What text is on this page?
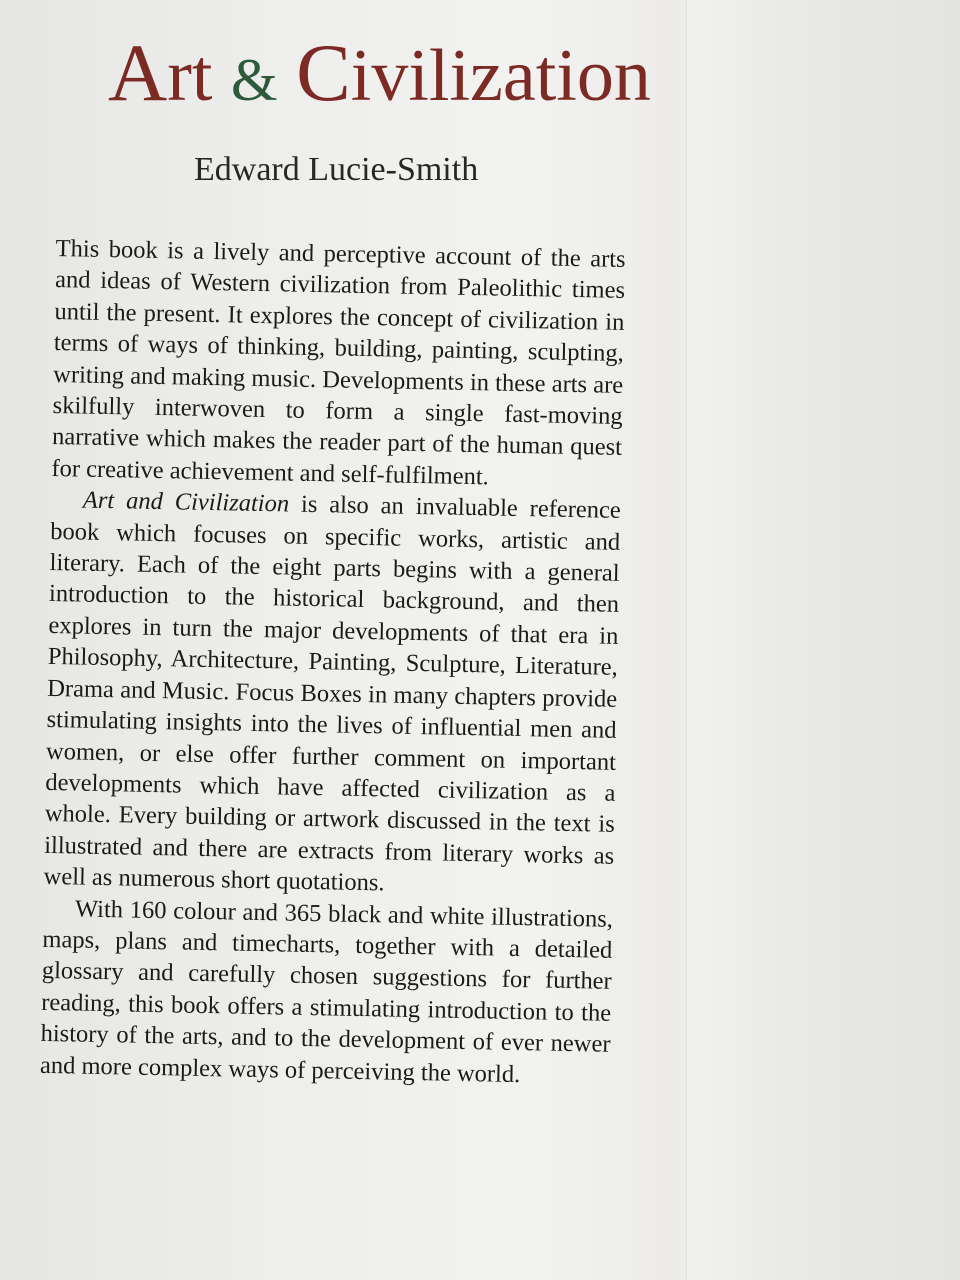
Art & Civilization
Edward Lucie-Smith

This book is a lively and perceptive account of the arts and ideas of Western civilization from Paleolithic times until the present. It explores the concept of civilization in terms of ways of thinking, building, painting, sculpting, writing and making music. Developments in these arts are skilfully interwoven to form a single fast-moving narrative which makes the reader part of the human quest for creative achievement and self-fulfilment.

Art and Civilization is also an invaluable reference book which focuses on specific works, artistic and literary. Each of the eight parts begins with a general introduction to the historical background, and then explores in turn the major developments of that era in Philosophy, Architecture, Painting, Sculpture, Literature, Drama and Music. Focus Boxes in many chapters provide stimulating insights into the lives of influential men and women, or else offer further comment on important developments which have affected civilization as a whole. Every building or artwork discussed in the text is illustrated and there are extracts from literary works as well as numerous short quotations.

With 160 colour and 365 black and white illustrations, maps, plans and timecharts, together with a detailed glossary and carefully chosen suggestions for further reading, this book offers a stimulating introduction to the history of the arts, and to the development of ever newer and more complex ways of perceiving the world.
